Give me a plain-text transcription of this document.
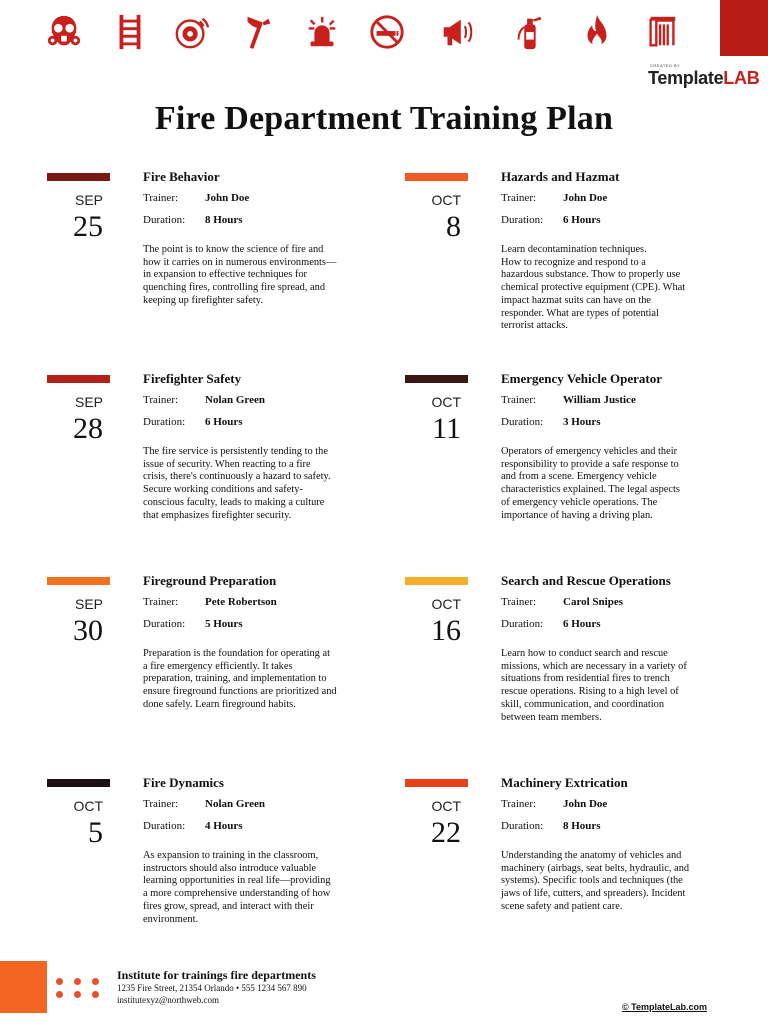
CREATED BY
TemplateLAB
Fire Department Training Plan
SEP
25
Fire Behavior
Trainer: John Doe
Duration: 8 Hours
The point is to know the science of fire and
how it carries on in numerous environments—
in expansion to effective techniques for
quenching fires, controlling fire spread, and
keeping up firefighter safety.
OCT
8
Hazards and Hazmat
Trainer: John Doe
Duration: 6 Hours
Learn decontamination techniques.
How to recognize and respond to a
hazardous substance. Thow to properly use
chemical protective equipment (CPE). What
impact hazmat suits can have on the
responder. What are types of potential
terrorist attacks.
SEP
28
Firefighter Safety
Trainer: Nolan Green
Duration: 6 Hours
The fire service is persistently tending to the
issue of security. When reacting to a fire
crisis, there's continuously a hazard to safety.
Secure working conditions and safety-
conscious faculty, leads to making a culture
that emphasizes firefighter security.
OCT
11
Emergency Vehicle Operator
Trainer: William Justice
Duration: 3 Hours
Operators of emergency vehicles and their
responsibility to provide a safe response to
and from a scene. Emergency vehicle
characteristics explained. The legal aspects
of emergency vehicle operations. The
importance of having a driving plan.
SEP
30
Fireground Preparation
Trainer: Pete Robertson
Duration: 5 Hours
Preparation is the foundation for operating at
a fire emergency efficiently. It takes
preparation, training, and implementation to
ensure fireground functions are prioritized and
done safely. Learn fireground habits.
OCT
16
Search and Rescue Operations
Trainer: Carol Snipes
Duration: 6 Hours
Learn how to conduct search and rescue
missions, which are necessary in a variety of
situations from residential fires to trench
rescue operations. Rising to a high level of
skill, communication, and coordination
between team members.
OCT
5
Fire Dynamics
Trainer: Nolan Green
Duration: 4 Hours
As expansion to training in the classroom,
instructors should also introduce valuable
learning opportunities in real life—providing
a more comprehensive understanding of how
fires grow, spread, and interact with their
environment.
OCT
22
Machinery Extrication
Trainer: John Doe
Duration: 8 Hours
Understanding the anatomy of vehicles and
machinery (airbags, seat belts, hydraulic, and
systems). Specific tools and techniques (the
jaws of life, cutters, and spreaders). Incident
scene safety and patient care.
Institute for trainings fire departments
1235 Fire Street, 21354 Orlando • 555 1234 567 890
institutexyz@northweb.com
© TemplateLab.com
